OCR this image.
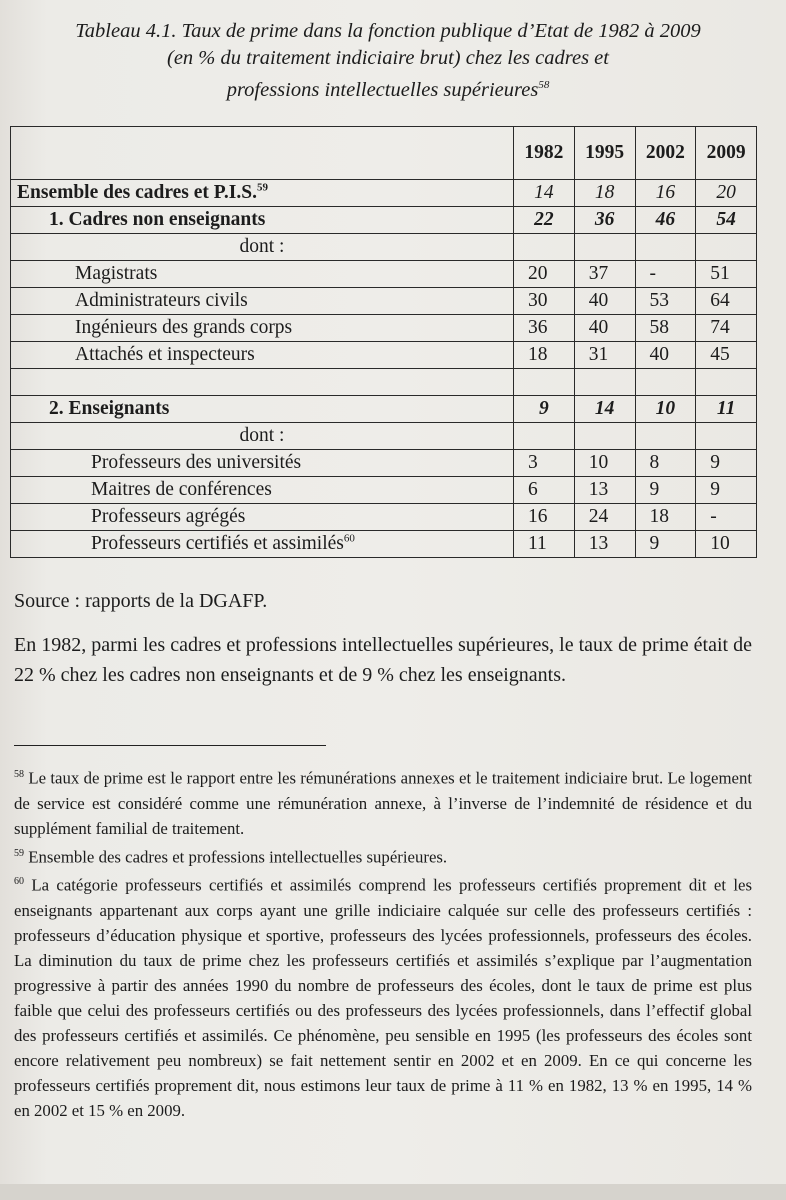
Tableau 4.1. Taux de prime dans la fonction publique d’Etat de 1982 à 2009
(en % du traitement indiciaire brut) chez les cadres et
professions intellectuelles supérieures$^{58}$
	1982	1995	2002	2009
Ensemble des cadres et P.I.S.$^{59}$	14	18	16	20
1. Cadres non enseignants	22	36	46	54
dont :				
Magistrats	20	37	-	51
Administrateurs civils	30	40	53	64
Ingénieurs des grands corps	36	40	58	74
Attachés et inspecteurs	18	31	40	45

2. Enseignants	9	14	10	11
dont :				
Professeurs des universités	3	10	8	9
Maitres de conférences	6	13	9	9
Professeurs agrégés	16	24	18	-
Professeurs certifiés et assimilés$^{60}$	11	13	9	10
Source : rapports de la DGAFP.

En 1982, parmi les cadres et professions intellectuelles supérieures, le taux de prime était de 22 % chez les cadres non enseignants et de 9 % chez les enseignants.

$^{58}$ Le taux de prime est le rapport entre les rémunérations annexes et le traitement indiciaire brut. Le logement de service est considéré comme une rémunération annexe, à l’inverse de l’indemnité de résidence et du supplément familial de traitement.

$^{59}$ Ensemble des cadres et professions intellectuelles supérieures.

$^{60}$ La catégorie professeurs certifiés et assimilés comprend les professeurs certifiés proprement dit et les enseignants appartenant aux corps ayant une grille indiciaire calquée sur celle des professeurs certifiés : professeurs d’éducation physique et sportive, professeurs des lycées professionnels, professeurs des écoles. La diminution du taux de prime chez les professeurs certifiés et assimilés s’explique par l’augmentation progressive à partir des années 1990 du nombre de professeurs des écoles, dont le taux de prime est plus faible que celui des professeurs certifiés ou des professeurs des lycées professionnels, dans l’effectif global des professeurs certifiés et assimilés. Ce phénomène, peu sensible en 1995 (les professeurs des écoles sont encore relativement peu nombreux) se fait nettement sentir en 2002 et en 2009. En ce qui concerne les professeurs certifiés proprement dit, nous estimons leur taux de prime à 11 % en 1982, 13 % en 1995, 14 % en 2002 et 15 % en 2009.
